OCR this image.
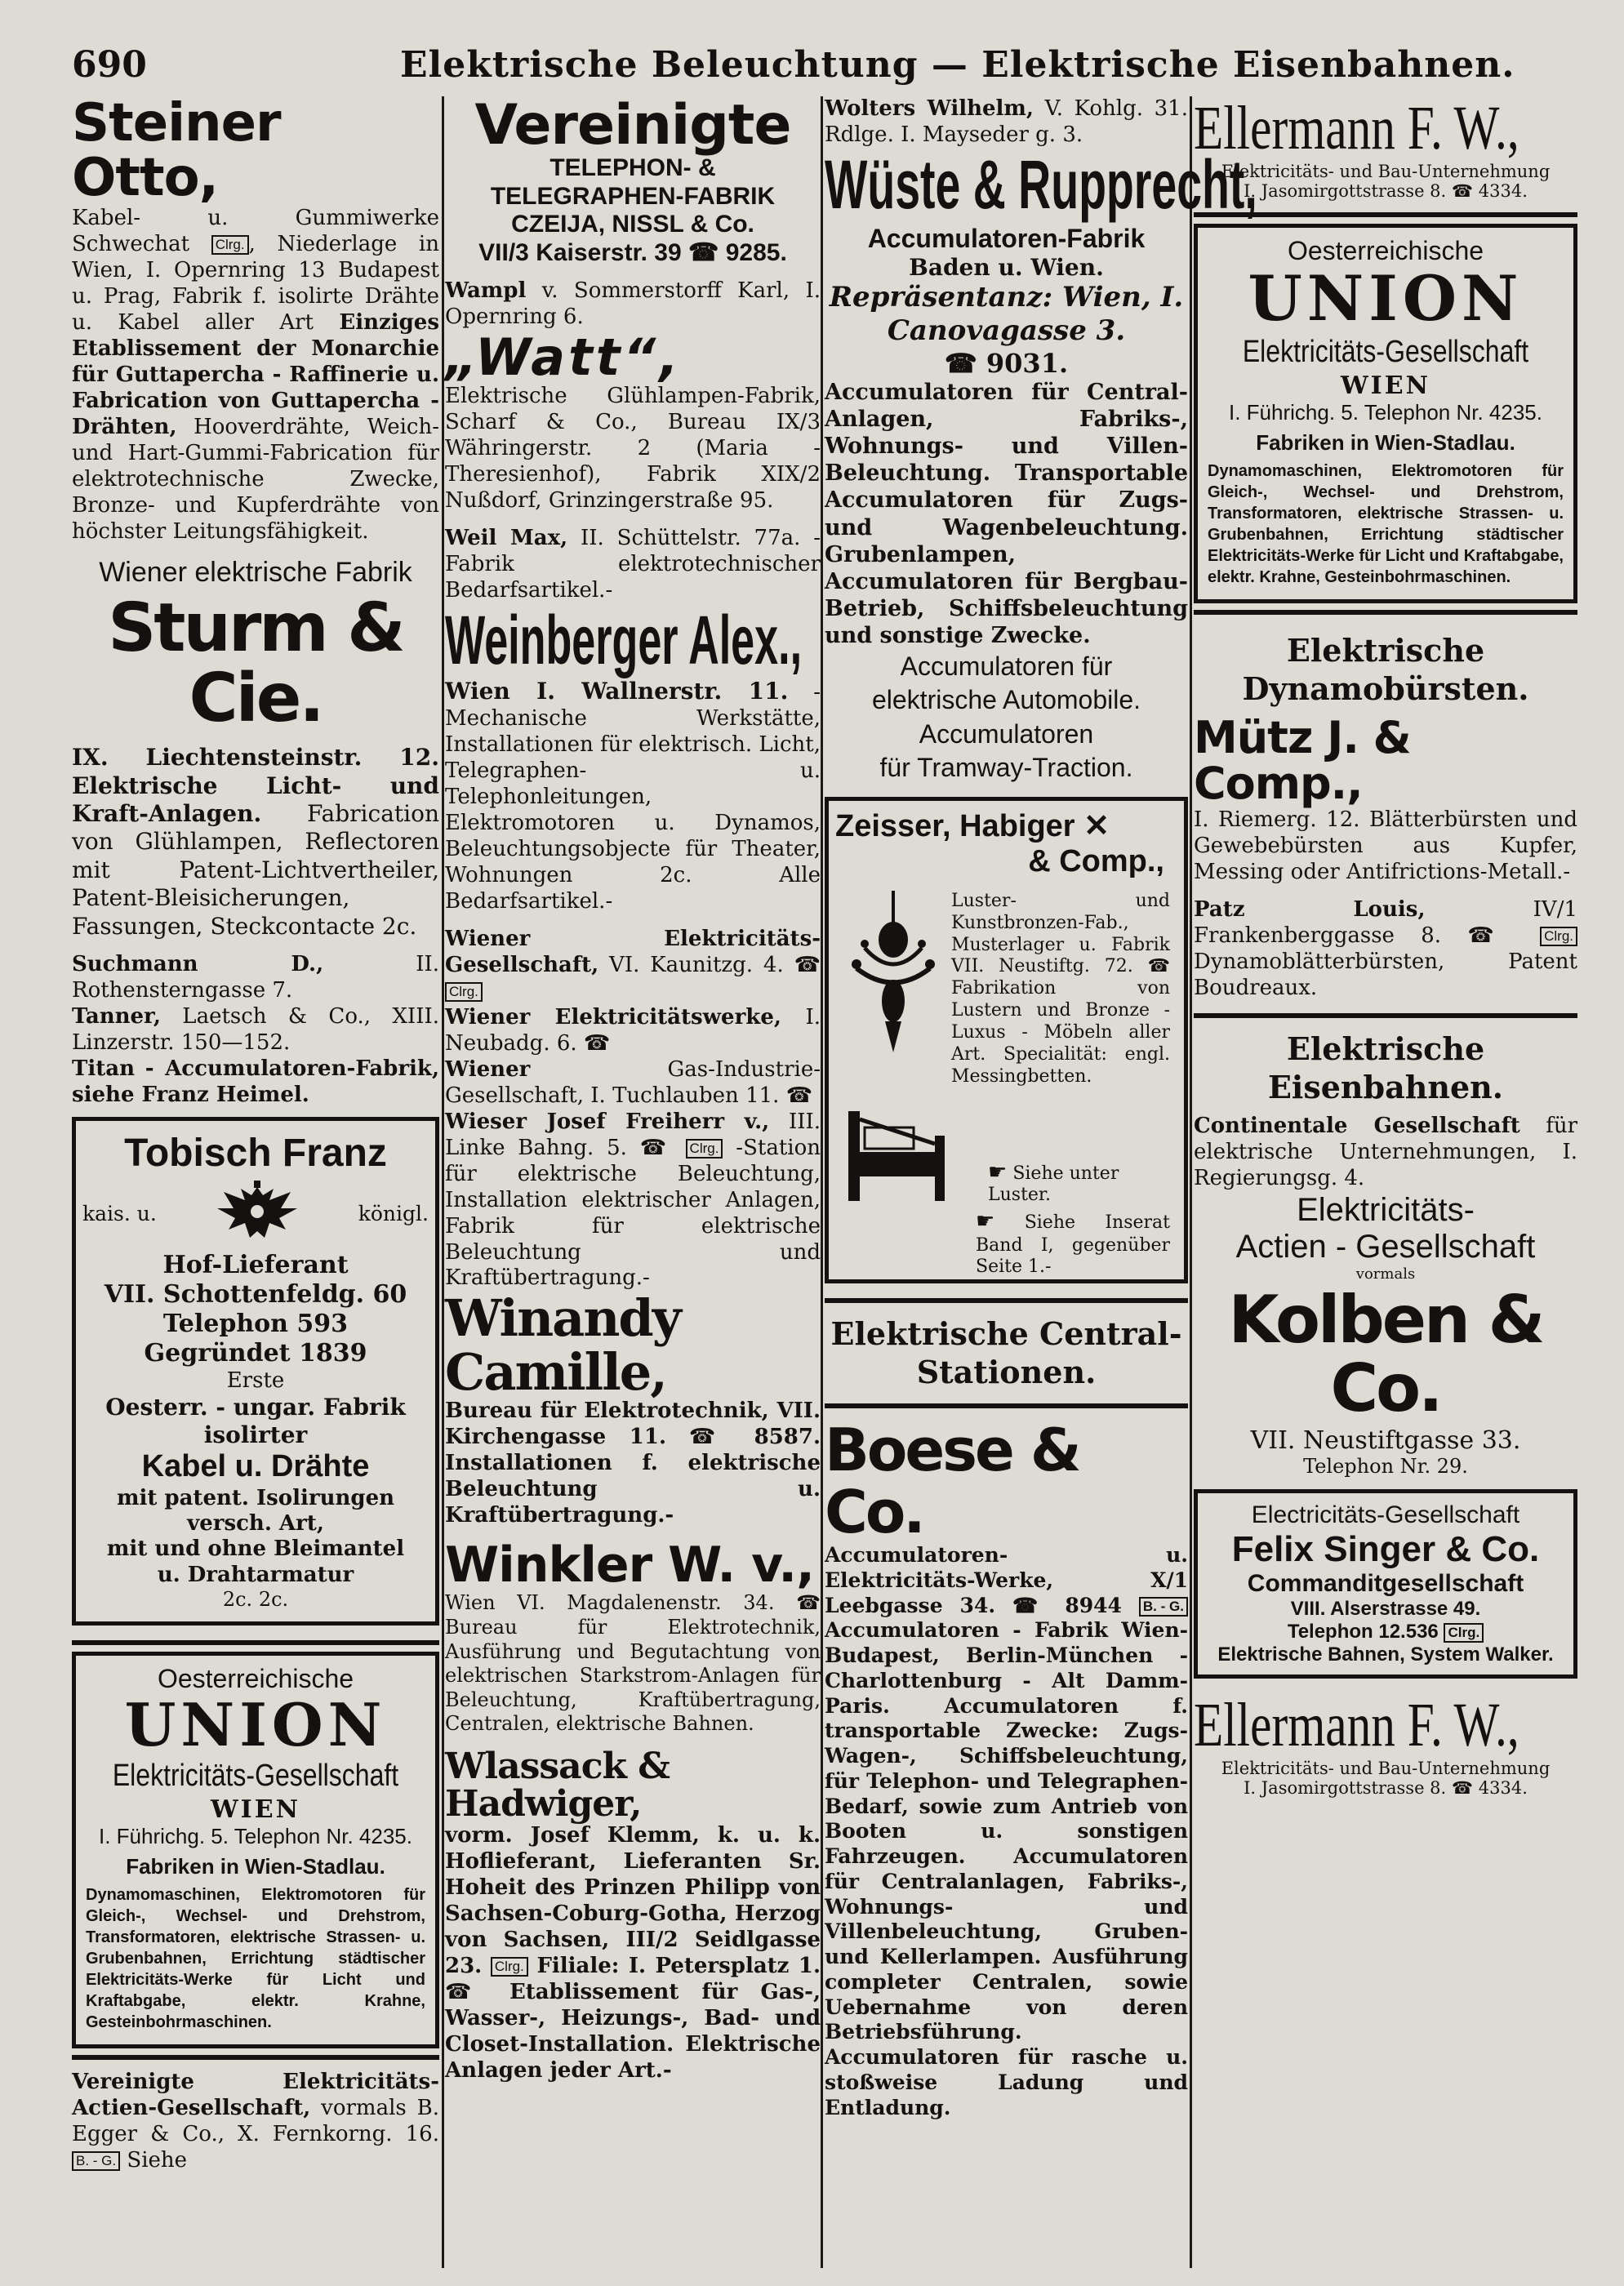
690	Elektrische Beleuchtung — Elektrische Eisenbahnen.
Steiner Otto,

Kabel- u. Gummiwerke Schwechat Clrg. , Niederlage in Wien, I. Opernring 13 Budapest u. Prag, Fabrik f. isolirte Drähte u. Kabel aller Art Einziges Etablissement der Monarchie für Guttapercha - Raffinerie u. Fabrication von Guttapercha - Drähten, Hooverdrähte, Weich- und Hart-Gummi-Fabrication für elektrotechnische Zwecke, Bronze- und Kupferdrähte von höchster Leitungsfähigkeit.

Wiener elektrische Fabrik
Sturm & Cie.

IX. Liechtensteinstr. 12. Elektrische Licht- und Kraft-Anlagen. Fabrication von Glühlampen, Reflectoren mit Patent-Lichtvertheiler, Patent-Bleisicherungen, Fassungen, Steckcontacte 2c.

Suchmann D.,	II. Rothensterngasse 7.

Tanner, Laetsch & Co., XIII. Linzerstr. 150—152.

Titan - Accumulatoren-Fabrik, siehe Franz Heimel.

Tobisch Franz
kais. u.	königl.
Hof-Lieferant
VII. Schottenfeldg. 60
Telephon 593
Gegründet 1839
Erste
Oesterr. - ungar. Fabrik
isolirter
Kabel u. Drähte
mit patent. Isolirungen
versch. Art,
mit und ohne Bleimantel
u. Drahtarmatur
2c. 2c.
Oesterreichische
UNION
Elektricitäts-Gesellschaft
WIEN
I. Führichg. 5. Telephon Nr. 4235.
Fabriken in Wien-Stadlau.

Dynamomaschinen, Elektromotoren für Gleich-, Wechsel- und Drehstrom, Transformatoren, elektrische Strassen- u. Grubenbahnen, Errichtung städtischer Elektricitäts-Werke für Licht und Kraftabgabe, elektr. Krahne, Gesteinbohrmaschinen.

Vereinigte Elektricitäts-Actien-Gesellschaft, vormals B. Egger & Co., X. Fernkorng. 16. B. - G. Siehe

Vereinigte
TELEPHON- &
TELEGRAPHEN-FABRIK
CZEIJA, NISSL & Co.
VII/3 Kaiserstr. 39 ☎ 9285.

Wampl v. Sommerstorff Karl, I. Opernring 6.

„Watt“,

Elektrische Glühlampen-Fabrik, Scharf & Co., Bureau IX/3 Währingerstr. 2 (Maria - Theresienhof), Fabrik XIX/2 Nußdorf, Grinzingerstraße 95.

Weil Max, II. Schüttelstr. 77a. -Fabrik elektrotechnischer Bedarfsartikel.-

Weinberger Alex.,

Wien I. Wallnerstr. 11. -Mechanische Werkstätte, Installationen für elektrisch. Licht, Telegraphen- u. Telephonleitungen, Elektromotoren u. Dynamos, Beleuchtungsobjecte für Theater, Wohnungen 2c. Alle Bedarfsartikel.-

Wiener Elektricitäts-Gesellschaft, VI. Kaunitzg. 4. ☎ Clrg.

Wiener Elektricitätswerke, I. Neubadg. 6. ☎

Wiener	Gas-Industrie-Gesellschaft, I. Tuchlauben 11. ☎

Wieser Josef Freiherr v., III. Linke Bahng. 5. ☎ Clrg. -Station für elektrische Beleuchtung, Installation elektrischer Anlagen, Fabrik für elektrische Beleuchtung und Kraftübertragung.-

Winandy Camille,

Bureau für Elektrotechnik, VII. Kirchengasse 11. ☎ 8587. Installationen f. elektrische Beleuchtung u. Kraftübertragung.-

Winkler W. v.,

Wien VI. Magdalenenstr. 34. ☎ Bureau für Elektrotechnik, Ausführung und Begutachtung von elektrischen Starkstrom-Anlagen für Beleuchtung, Kraftübertragung, Centralen, elektrische Bahnen.

Wlassack & Hadwiger,

vorm. Josef Klemm, k. u. k. Hoflieferant, Lieferanten Sr. Hoheit des Prinzen Philipp von Sachsen-Coburg-Gotha, Herzog von Sachsen, III/2 Seidlgasse 23. Clrg. Filiale: I. Petersplatz 1. ☎ Etablissement für Gas-, Wasser-, Heizungs-, Bad- und Closet-Installation. Elektrische Anlagen jeder Art.-

Wolters Wilhelm, V. Kohlg. 31. Rdlge. I. Mayseder g. 3.

Wüste & Rupprecht,
Accumulatoren-Fabrik
Baden u. Wien.
Repräsentanz: Wien, I. Canovagasse 3.
☎ 9031.

Accumulatoren für Central-Anlagen, Fabriks-, Wohnungs- und Villen-Beleuchtung. Transportable Accumulatoren für Zugs- und Wagenbeleuchtung. Grubenlampen, Accumulatoren für Bergbau-Betrieb, Schiffsbeleuchtung und sonstige Zwecke.

Accumulatoren für
elektrische Automobile.
Accumulatoren
für Tramway-Traction.
Zeisser, Habiger ✕
& Comp.,

Luster- und Kunstbronzen-Fab., Musterlager u. Fabrik VII. Neustiftg. 72. ☎ Fabrikation von Lustern und Bronze - Luxus - Möbeln aller Art. Specialität: engl. Messingbetten.

☛ Siehe unter Luster.

☛ Siehe Inserat Band I, gegenüber Seite 1.-

Elektrische Central-Stationen.
Boese & Co.

Accumulatoren- u. Elektricitäts-Werke, X/1 Leebgasse 34. ☎ 8944 B. - G. Accumulatoren - Fabrik Wien-Budapest, Berlin-München - Charlottenburg - Alt Damm-Paris. Accumulatoren f. transportable Zwecke: Zugs-Wagen-, Schiffsbeleuchtung, für Telephon- und Telegraphen-Bedarf, sowie zum Antrieb von Booten u. sonstigen Fahrzeugen. Accumulatoren für Centralanlagen, Fabriks-, Wohnungs- und Villenbeleuchtung, Gruben- und Kellerlampen. Ausführung completer Centralen, sowie Uebernahme von deren Betriebsführung. Accumulatoren für rasche u. stoßweise Ladung und Entladung.

Ellermann F. W.,
Elektricitäts- und Bau-Unternehmung
I. Jasomirgottstrasse 8. ☎ 4334.
Oesterreichische
UNION
Elektricitäts-Gesellschaft
WIEN
I. Führichg. 5. Telephon Nr. 4235.
Fabriken in Wien-Stadlau.

Dynamomaschinen, Elektromotoren für Gleich-, Wechsel- und Drehstrom, Transformatoren, elektrische Strassen- u. Grubenbahnen, Errichtung städtischer Elektricitäts-Werke für Licht und Kraftabgabe, elektr. Krahne, Gesteinbohrmaschinen.

Elektrische Dynamobürsten.
Mütz J. & Comp.,

I. Riemerg. 12. Blätterbürsten und Gewebebürsten aus Kupfer, Messing oder Antifrictions-Metall.-

Patz Louis,	IV/1 Frankenberggasse 8. ☎ Clrg. Dynamoblätterbürsten, Patent Boudreaux.

Elektrische Eisenbahnen.

Continentale Gesellschaft für elektrische Unternehmungen, I. Regierungsg. 4.

Elektricitäts-
Actien - Gesellschaft
vormals
Kolben & Co.
VII. Neustiftgasse 33.
Telephon Nr. 29.
Electricitäts-Gesellschaft
Felix Singer & Co.
Commanditgesellschaft
VIII. Alserstrasse 49.
Telephon 12.536 Clrg.
Elektrische Bahnen, System Walker.
Ellermann F. W.,
Elektricitäts- und Bau-Unternehmung
I. Jasomirgottstrasse 8. ☎ 4334.
